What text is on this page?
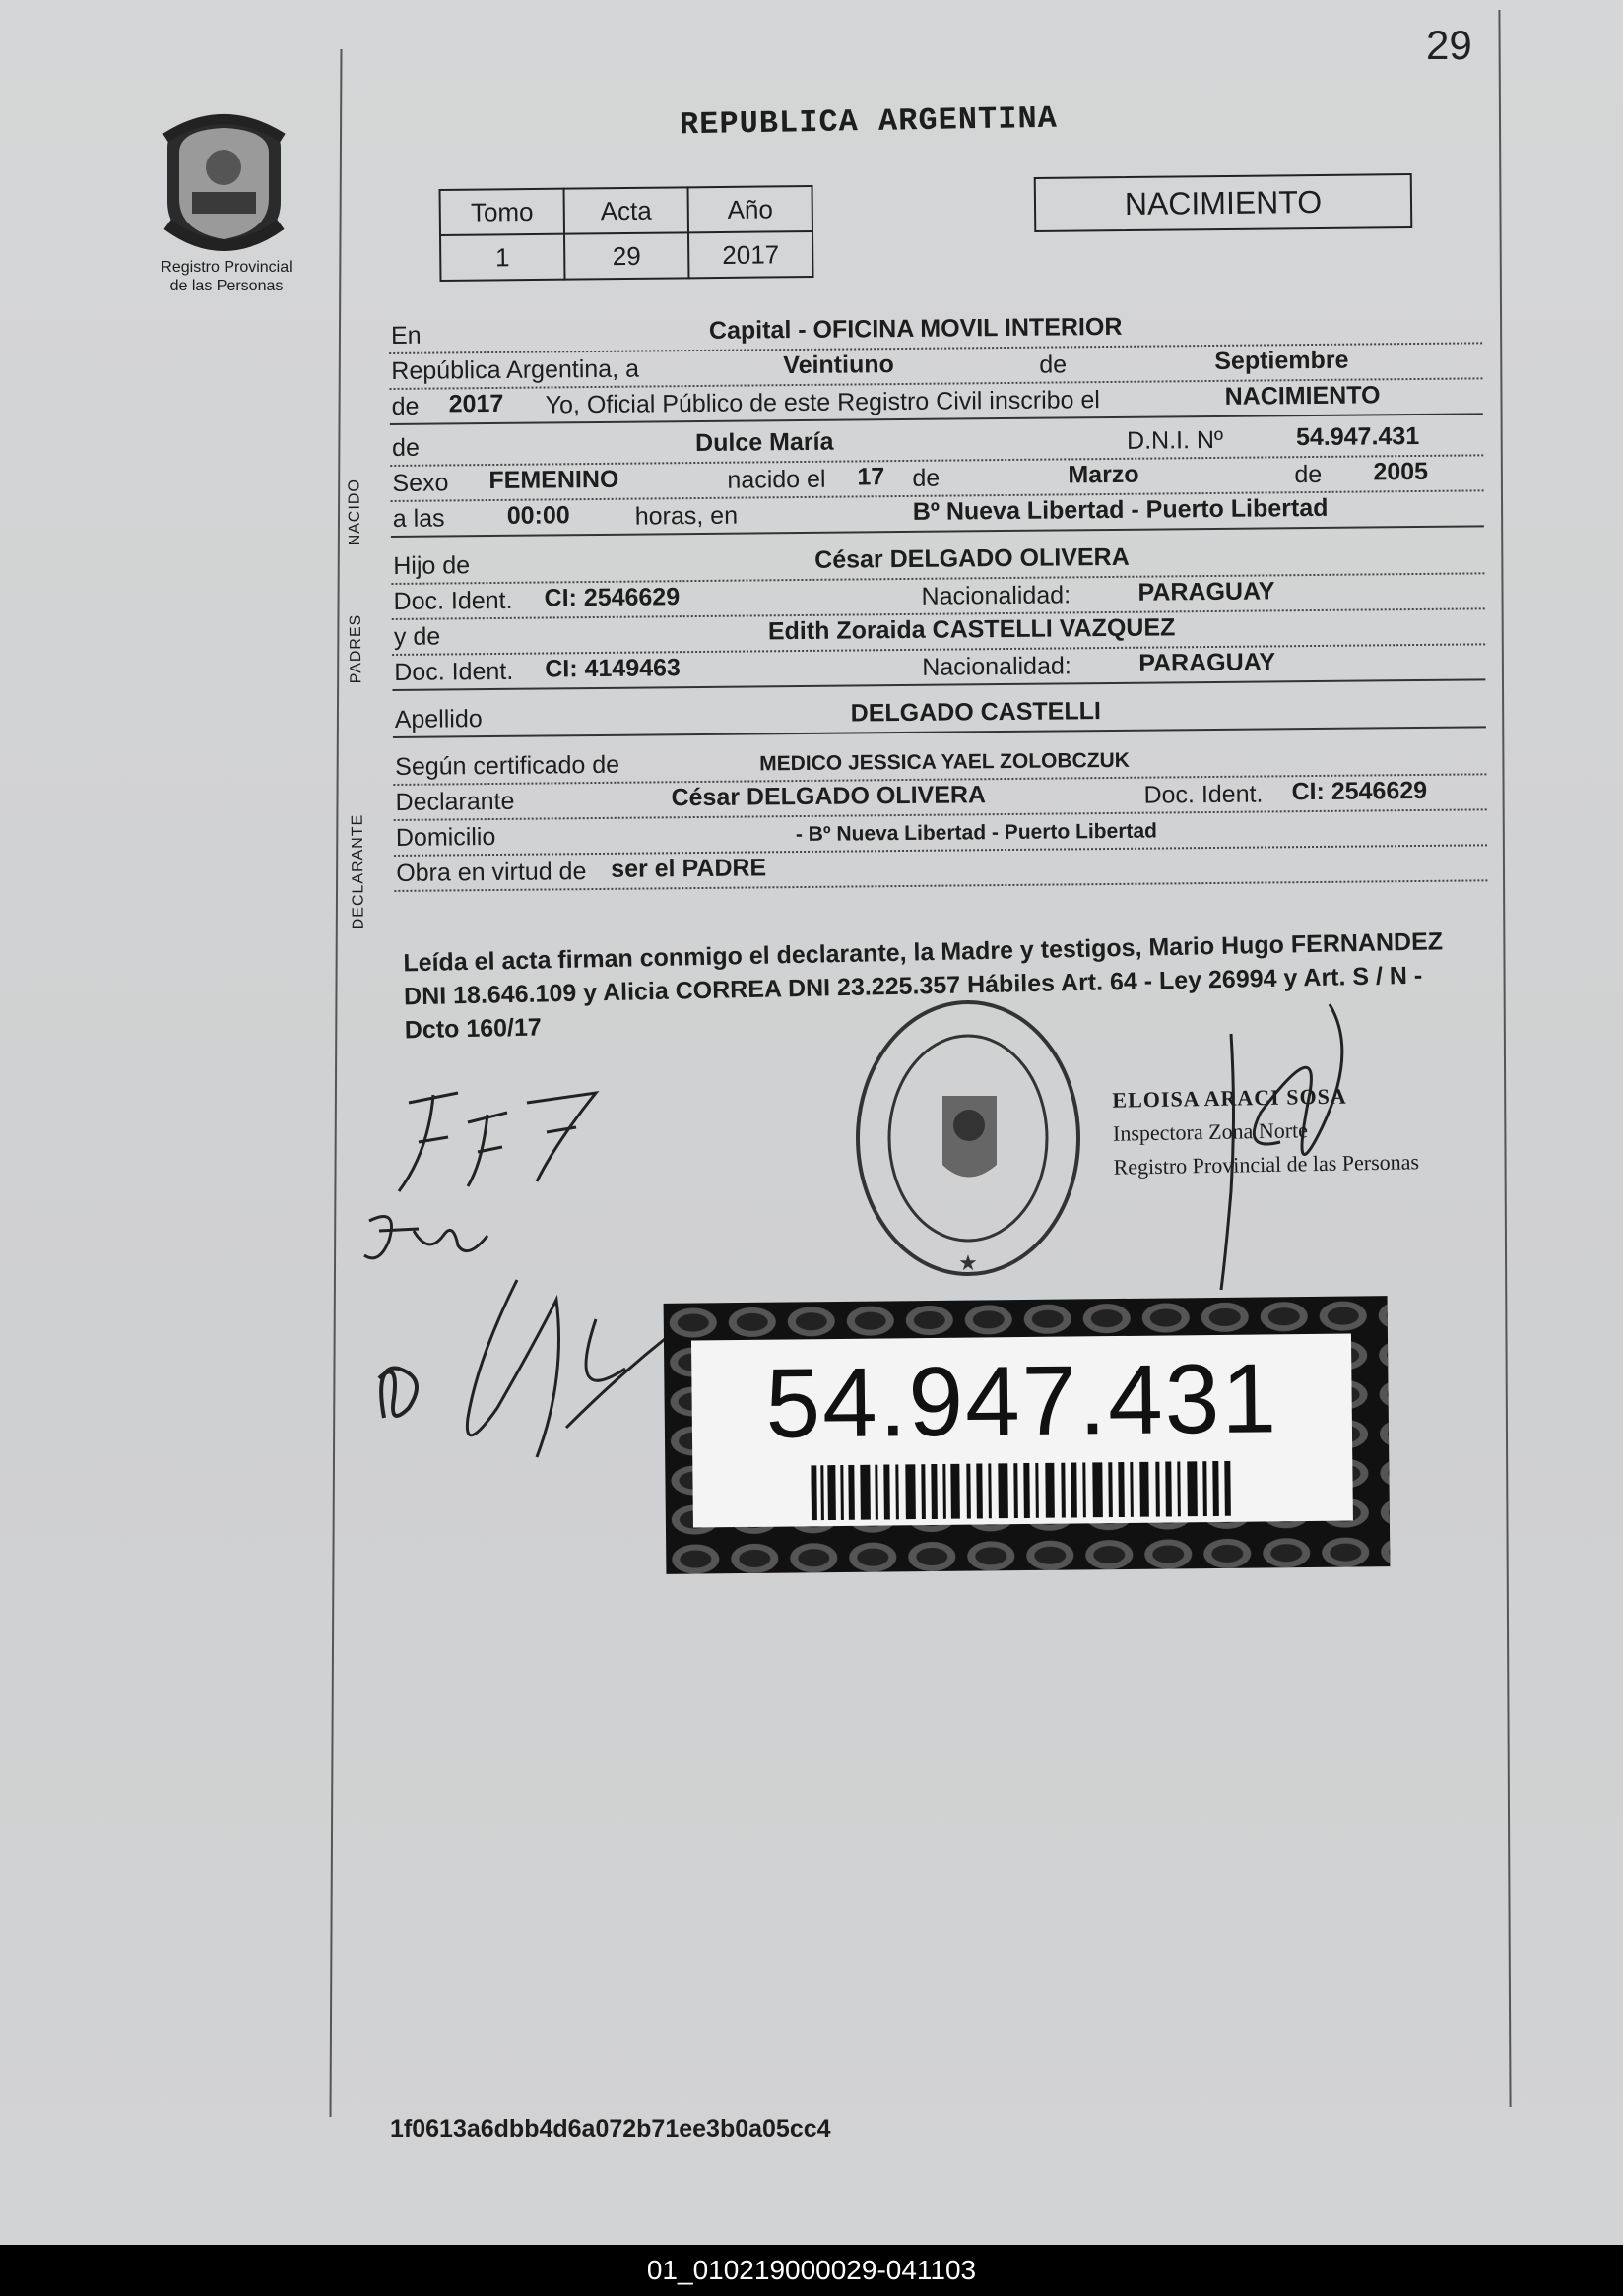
29
Registro Provincial
de las Personas
REPUBLICA ARGENTINA
Tomo	Acta	Año
1	29	2017
NACIMIENTO
En	Capital - OFICINA MOVIL INTERIOR
República Argentina, a	Veintiuno	de	Septiembre
de 2017 Yo, Oficial Público de este Registro Civil inscribo el	NACIMIENTO
de	Dulce María	D.N.I. Nº	54.947.431
Sexo FEMENINO	nacido el 17 de	Marzo	de 2005
a las	00:00	horas, en	Bº Nueva Libertad - Puerto Libertad
Hijo de	César DELGADO OLIVERA
Doc. Ident. CI: 2546629	Nacionalidad:	PARAGUAY
y de	Edith Zoraida CASTELLI VAZQUEZ
Doc. Ident. CI: 4149463	Nacionalidad:	PARAGUAY
Apellido	DELGADO CASTELLI
Según certificado de	MEDICO JESSICA YAEL ZOLOBCZUK
Declarante	César DELGADO OLIVERA	Doc. Ident. CI: 2546629
Domicilio	- Bº Nueva Libertad - Puerto Libertad
Obra en virtud de ser el PADRE
NACIDO
PADRES
DECLARANTE
Leída el acta firman conmigo el declarante, la Madre y testigos, Mario Hugo FERNANDEZ DNI 18.646.109 y Alicia CORREA DNI 23.225.357 Hábiles Art. 64 - Ley 26994 y Art. S / N - Dcto 160/17
★
ELOISA ARACI SOSA
Inspectora Zona Norte
Registro Provincial de las Personas
54.947.431
1f0613a6dbb4d6a072b71ee3b0a05cc4
01_010219000029-041103
